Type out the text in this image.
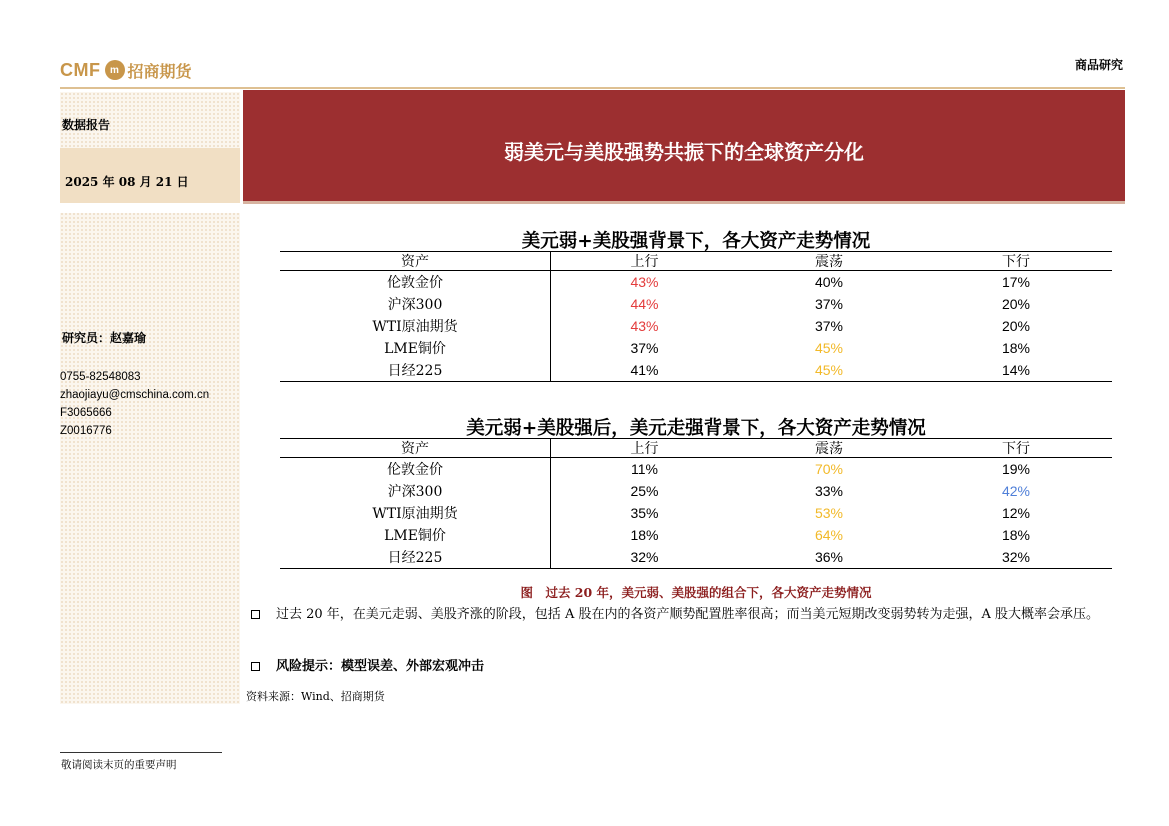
CMF m 招商期货	商品研究
数据报告
2025 年 08 月 21 日
研究员：赵嘉瑜
0755-82548083
zhaojiayu@cmschina.com.cn
F3065666
Z0016776
弱美元与美股强势共振下的全球资产分化
美元弱+美股强背景下，各大资产走势情况
资产	上行	震荡	下行
伦敦金价	43%	40%	17%
沪深300	44%	37%	20%
WTI原油期货	43%	37%	20%
LME铜价	37%	45%	18%
日经225	41%	45%	14%
美元弱+美股强后，美元走强背景下，各大资产走势情况
资产	上行	震荡	下行
伦敦金价	11%	70%	19%
沪深300	25%	33%	42%
WTI原油期货	35%	53%	12%
LME铜价	18%	64%	18%
日经225	32%	36%	32%
图　过去 20 年，美元弱、美股强的组合下，各大资产走势情况
过去 20 年，在美元走弱、美股齐涨的阶段，包括 A 股在内的各资产顺势配置胜率很高；而当美元短期改变弱势转为走强，A 股大概率会承压。
风险提示：模型误差、外部宏观冲击
资料来源：Wind、招商期货
敬请阅读末页的重要声明
